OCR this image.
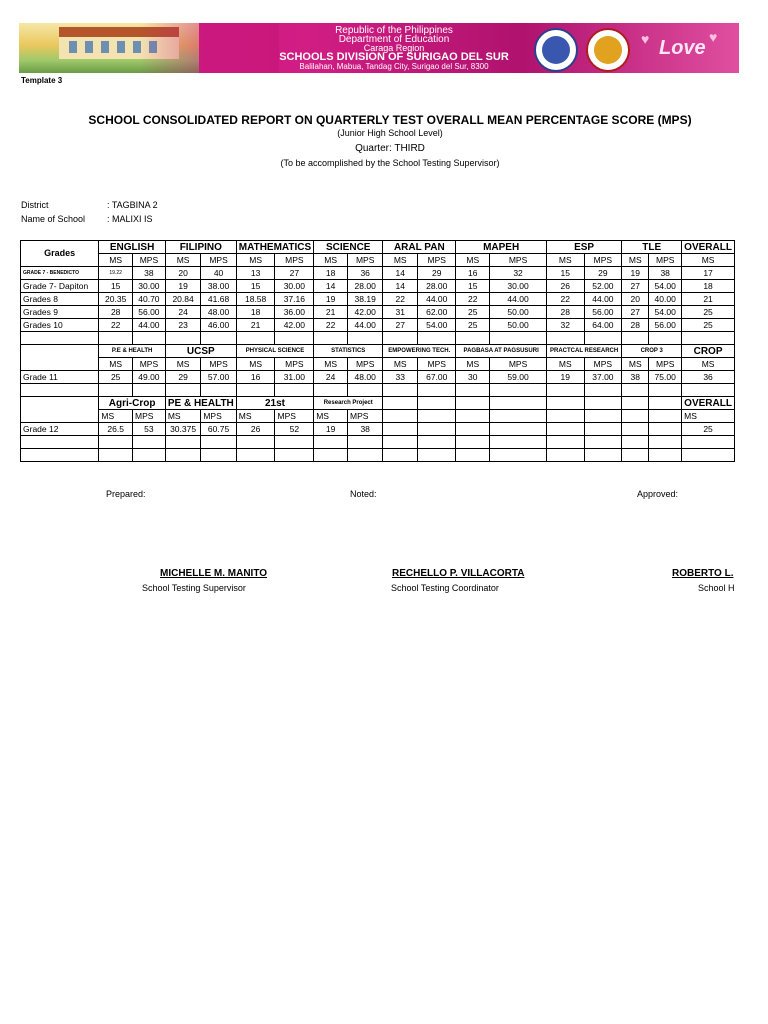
Republic of the Philippines
Department of Education
Caraga Region
SCHOOLS DIVISION OF SURIGAO DEL SUR
Balilahan, Mabua, Tandag City, Surigao del Sur, 8300
Love
♥	♥
Template 3
SCHOOL CONSOLIDATED REPORT ON QUARTERLY TEST OVERALL MEAN PERCENTAGE SCORE (MPS)
(Junior High School Level)
Quarter: THIRD
(To be accomplished by the School Testing Supervisor)
District	: TAGBINA 2
Name of School	: MALIXI IS
Grades	ENGLISH		FILIPINO		MATHEMATICS		SCIENCE		ARAL PAN		MAPEH		ESP		TLE		OVERALL
	MS	MPS	MS	MPS	MS	MPS	MS	MPS	MS	MPS	MS	MPS	MS	MPS	MS	MPS	MS
GRADE 7 - BENEDICTO	19.22	38	20	40	13	27	18	36	14	29	16	32	15	29	19	38	17
Grade 7- Dapiton	15	30.00	19	38.00	15	30.00	14	28.00	14	28.00	15	30.00	26	52.00	27	54.00	18
Grades 8	20.35	40.70	20.84	41.68	18.58	37.16	19	38.19	22	44.00	22	44.00	22	44.00	20	40.00	21
Grades 9	28	56.00	24	48.00	18	36.00	21	42.00	31	62.00	25	50.00	28	56.00	27	54.00	25
Grades 10	22	44.00	23	46.00	21	42.00	22	44.00	27	54.00	25	50.00	32	64.00	28	56.00	25

	P.E & HEALTH		UCSP		PHYSICAL SCIENCE		STATISTICS		EMPOWERING TECH.		PAGBASA AT PAGSUSURI		PRACTCAL RESEARCH		CROP 3		CROP
	MS	MPS	MS	MPS	MS	MPS	MS	MPS	MS	MPS	MS	MPS	MS	MPS	MS	MPS	MS
Grade 11	25	49.00	29	57.00	16	31.00	24	48.00	33	67.00	30	59.00	19	37.00	38	75.00	36

	Agri-Crop		PE & HEALTH		21st		Research Project										OVERALL
	MS	MPS	MS	MPS	MS	MPS	MS	MPS									MS
Grade 12	26.5	53	30.375	60.75	26	52	19	38									25

Prepared:	Noted:	Approved:
MICHELLE M. MANITO
School Testing Supervisor
RECHELLO P. VILLACORTA
School Testing Coordinator
ROBERTO L.
School H
